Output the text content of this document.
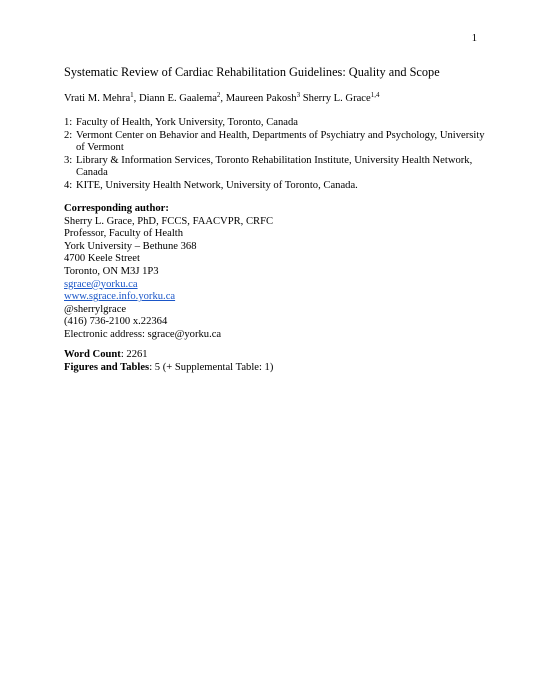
1
Systematic Review of Cardiac Rehabilitation Guidelines: Quality and Scope
Vrati M. Mehra$^1$, Diann E. Gaalema$^2$, Maureen Pakosh$^3$ Sherry L. Grace$^{1,4}$
1: Faculty of Health, York University, Toronto, Canada
2: Vermont Center on Behavior and Health, Departments of Psychiatry and Psychology, University of Vermont
3: Library & Information Services, Toronto Rehabilitation Institute, University Health Network, Canada
4: KITE, University Health Network, University of Toronto, Canada.
Corresponding author:
Sherry L. Grace, PhD, FCCS, FAACVPR, CRFC
Professor, Faculty of Health
York University – Bethune 368
4700 Keele Street
Toronto, ON M3J 1P3
sgrace@yorku.ca
www.sgrace.info.yorku.ca
@sherrylgrace
(416) 736-2100 x.22364
Electronic address: sgrace@yorku.ca
Word Count: 2261
Figures and Tables: 5 (+ Supplemental Table: 1)
